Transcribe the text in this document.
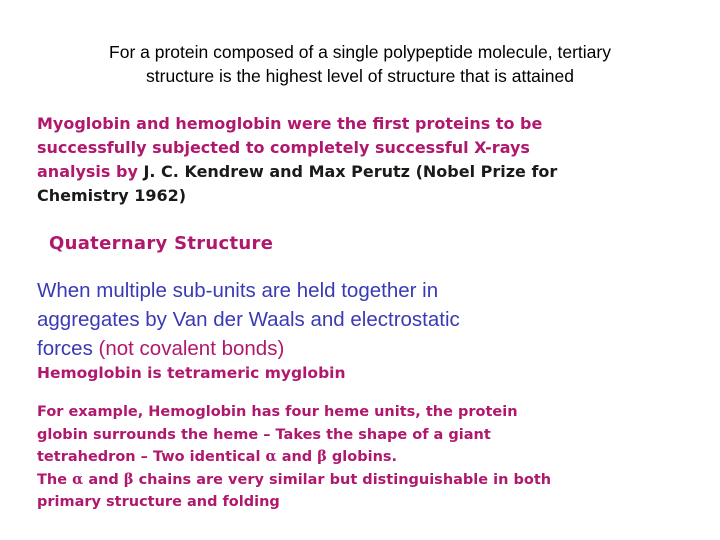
For a protein composed of a single polypeptide molecule, tertiary
structure is the highest level of structure that is attained
Myoglobin and hemoglobin were the first proteins to be
successfully subjected to completely successful X-rays
analysis by J. C. Kendrew and Max Perutz (Nobel Prize for
Chemistry 1962)
Quaternary Structure
When multiple sub-units are held together in
aggregates by Van der Waals and electrostatic
forces (not covalent bonds)
Hemoglobin is tetrameric myglobin
For example, Hemoglobin has four heme units, the protein
globin surrounds the heme – Takes the shape of a giant
tetrahedron – Two identical α and β globins.
The α and β chains are very similar but distinguishable in both
primary structure and folding
